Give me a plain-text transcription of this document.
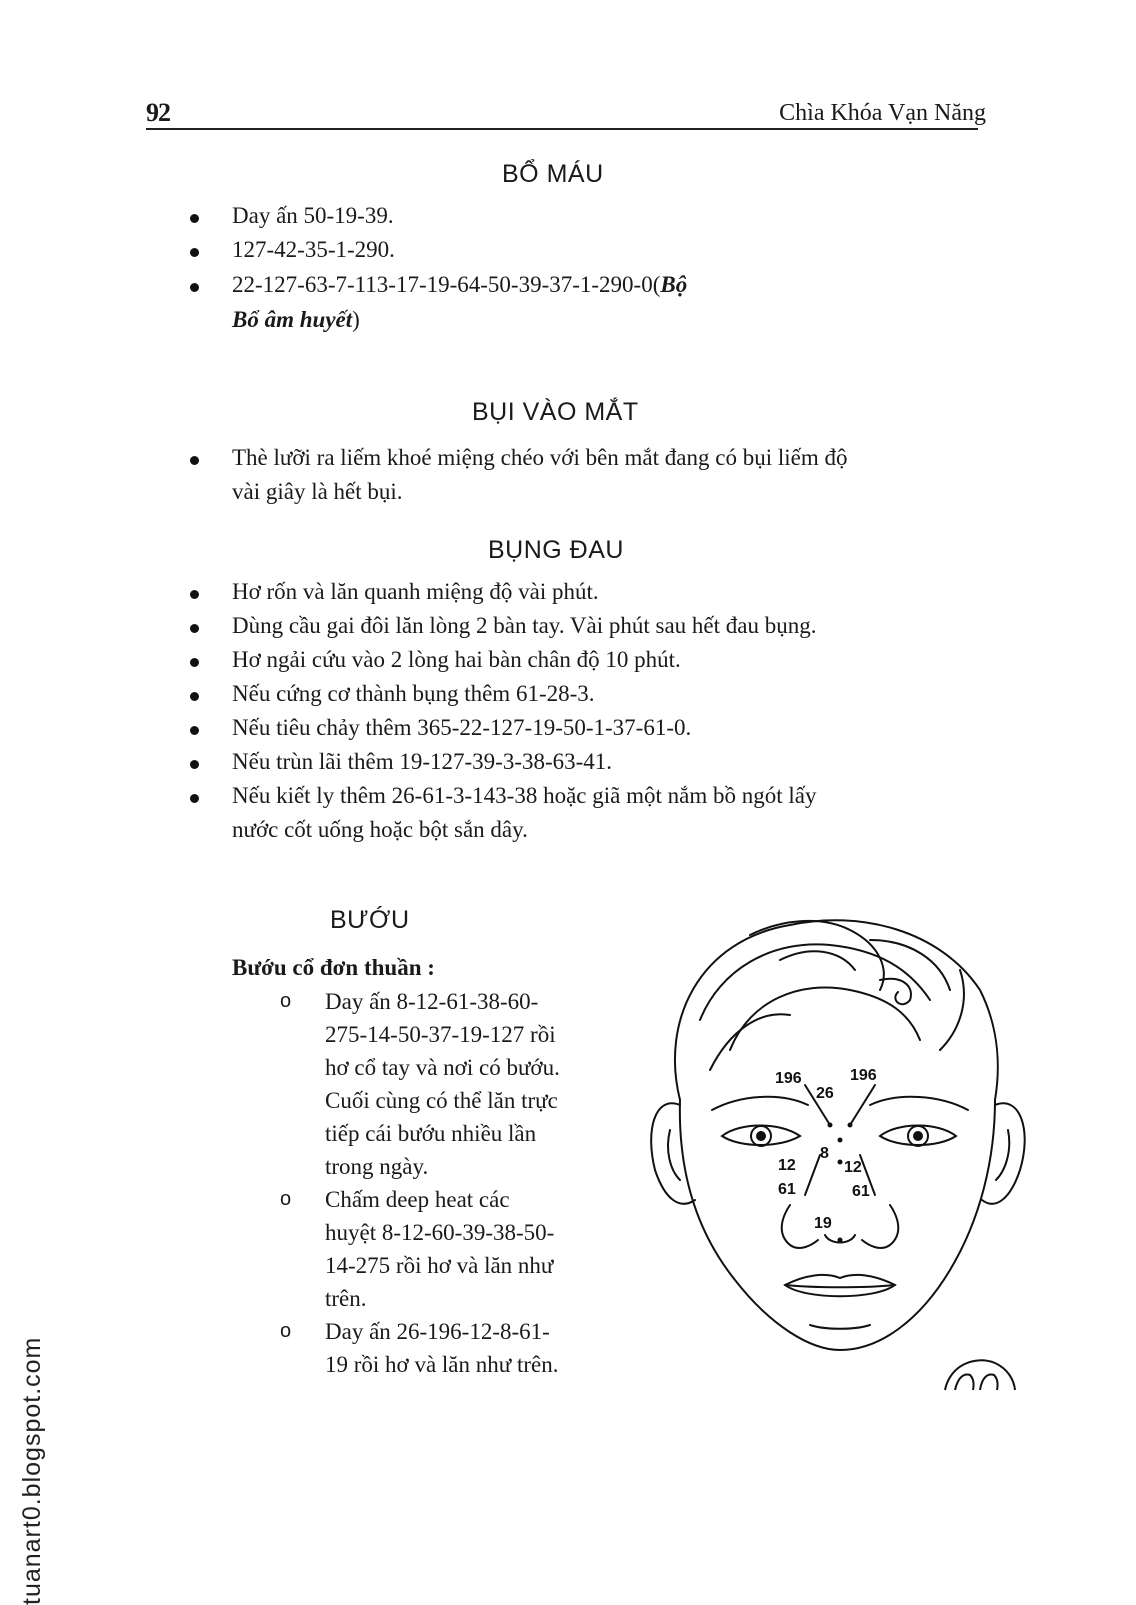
92	Chìa Khóa Vạn Năng
BỔ MÁU
Day ấn 50-19-39.
127-42-35-1-290.
22-127-63-7-113-17-19-64-50-39-37-1-290-0(Bộ
Bổ âm huyết)
BỤI VÀO MẮT
Thè lưỡi ra liếm khoé miệng chéo với bên mắt đang có bụi liếm độ
vài giây là hết bụi.
BỤNG ĐAU
Hơ rốn và lăn quanh miệng độ vài phút.
Dùng cầu gai đôi lăn lòng 2 bàn tay. Vài phút sau hết đau bụng.
Hơ ngải cứu vào 2 lòng hai bàn chân độ 10 phút.
Nếu cứng cơ thành bụng thêm 61-28-3.
Nếu tiêu chảy thêm 365-22-127-19-50-1-37-61-0.
Nếu trùn lãi thêm 19-127-39-3-38-63-41.
Nếu kiết ly thêm 26-61-3-143-38 hoặc giã một nắm bồ ngót lấy
nước cốt uống hoặc bột sắn dây.
BƯỚU
Bướu cổ đơn thuần :
o Day ấn 8-12-61-38-60-
275-14-50-37-19-127 rồi
hơ cổ tay và nơi có bướu.
Cuối cùng có thể lăn trực
tiếp cái bướu nhiều lần
trong ngày.
o Chấm deep heat các
huyệt 8-12-60-39-38-50-
14-275 rồi hơ và lăn như
trên.
o Day ấn 26-196-12-8-61-
19 rồi hơ và lăn như trên.
196	196
26
8
12	12
61	61
19
tuanart0.blogspot.com
